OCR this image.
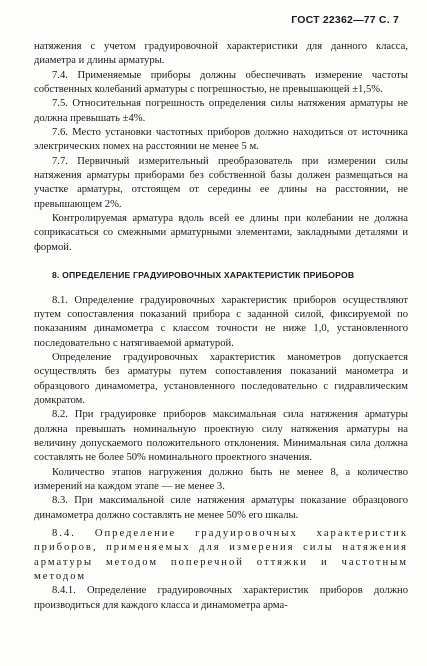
ГОСТ 22362—77 С. 7

натяжения с учетом градуировочной характеристики для данного класса, диаметра и длины арматуры.

7.4. Применяемые приборы должны обеспечивать измерение частоты собственных колебаний арматуры с погрешностью, не превышающей ±1,5%.

7.5. Относительная погрешность определения силы натяжения арматуры не должна превышать ±4%.

7.6. Место установки частотных приборов должно находиться от источника электрических помех на расстоянии не менее 5 м.

7.7. Первичный измерительный преобразователь при измерении силы натяжения арматуры приборами без собственной базы должен размещаться на участке арматуры, отстоящем от середины ее длины на расстоянии, не превышающем 2%.

Контролируемая арматура вдоль всей ее длины при колебании не должна соприкасаться со смежными арматурными элементами, закладными деталями и формой.

8. ОПРЕДЕЛЕНИЕ ГРАДУИРОВОЧНЫХ ХАРАКТЕРИСТИК ПРИБОРОВ

8.1. Определение градуировочных характеристик приборов осуществляют путем сопоставления показаний прибора с заданной силой, фиксируемой по показаниям динамометра с классом точности не ниже 1,0, установленного последовательно с натягиваемой арматурой.

Определение градуировочных характеристик манометров допускается осуществлять без арматуры путем сопоставления показаний манометра и образцового динамометра, установленного последовательно с гидравлическим домкратом.

8.2. При градуировке приборов максимальная сила натяжения арматуры должна превышать номинальную проектную силу натяжения арматуры на величину допускаемого положительного отклонения. Минимальная сила должна составлять не более 50% номинального проектного значения.

Количество этапов нагружения должно быть не менее 8, а количество измерений на каждом этапе — не менее 3.

8.3. При максимальной силе натяжения арматуры показание образцового динамометра должно составлять не менее 50% его шкалы.

8.4. Определение градуировочных характеристик приборов, применяемых для измерения силы натяжения арматуры методом поперечной оттяжки и частотным методом

8.4.1. Определение градуировочных характеристик приборов должно производиться для каждого класса и динамометра арма-
